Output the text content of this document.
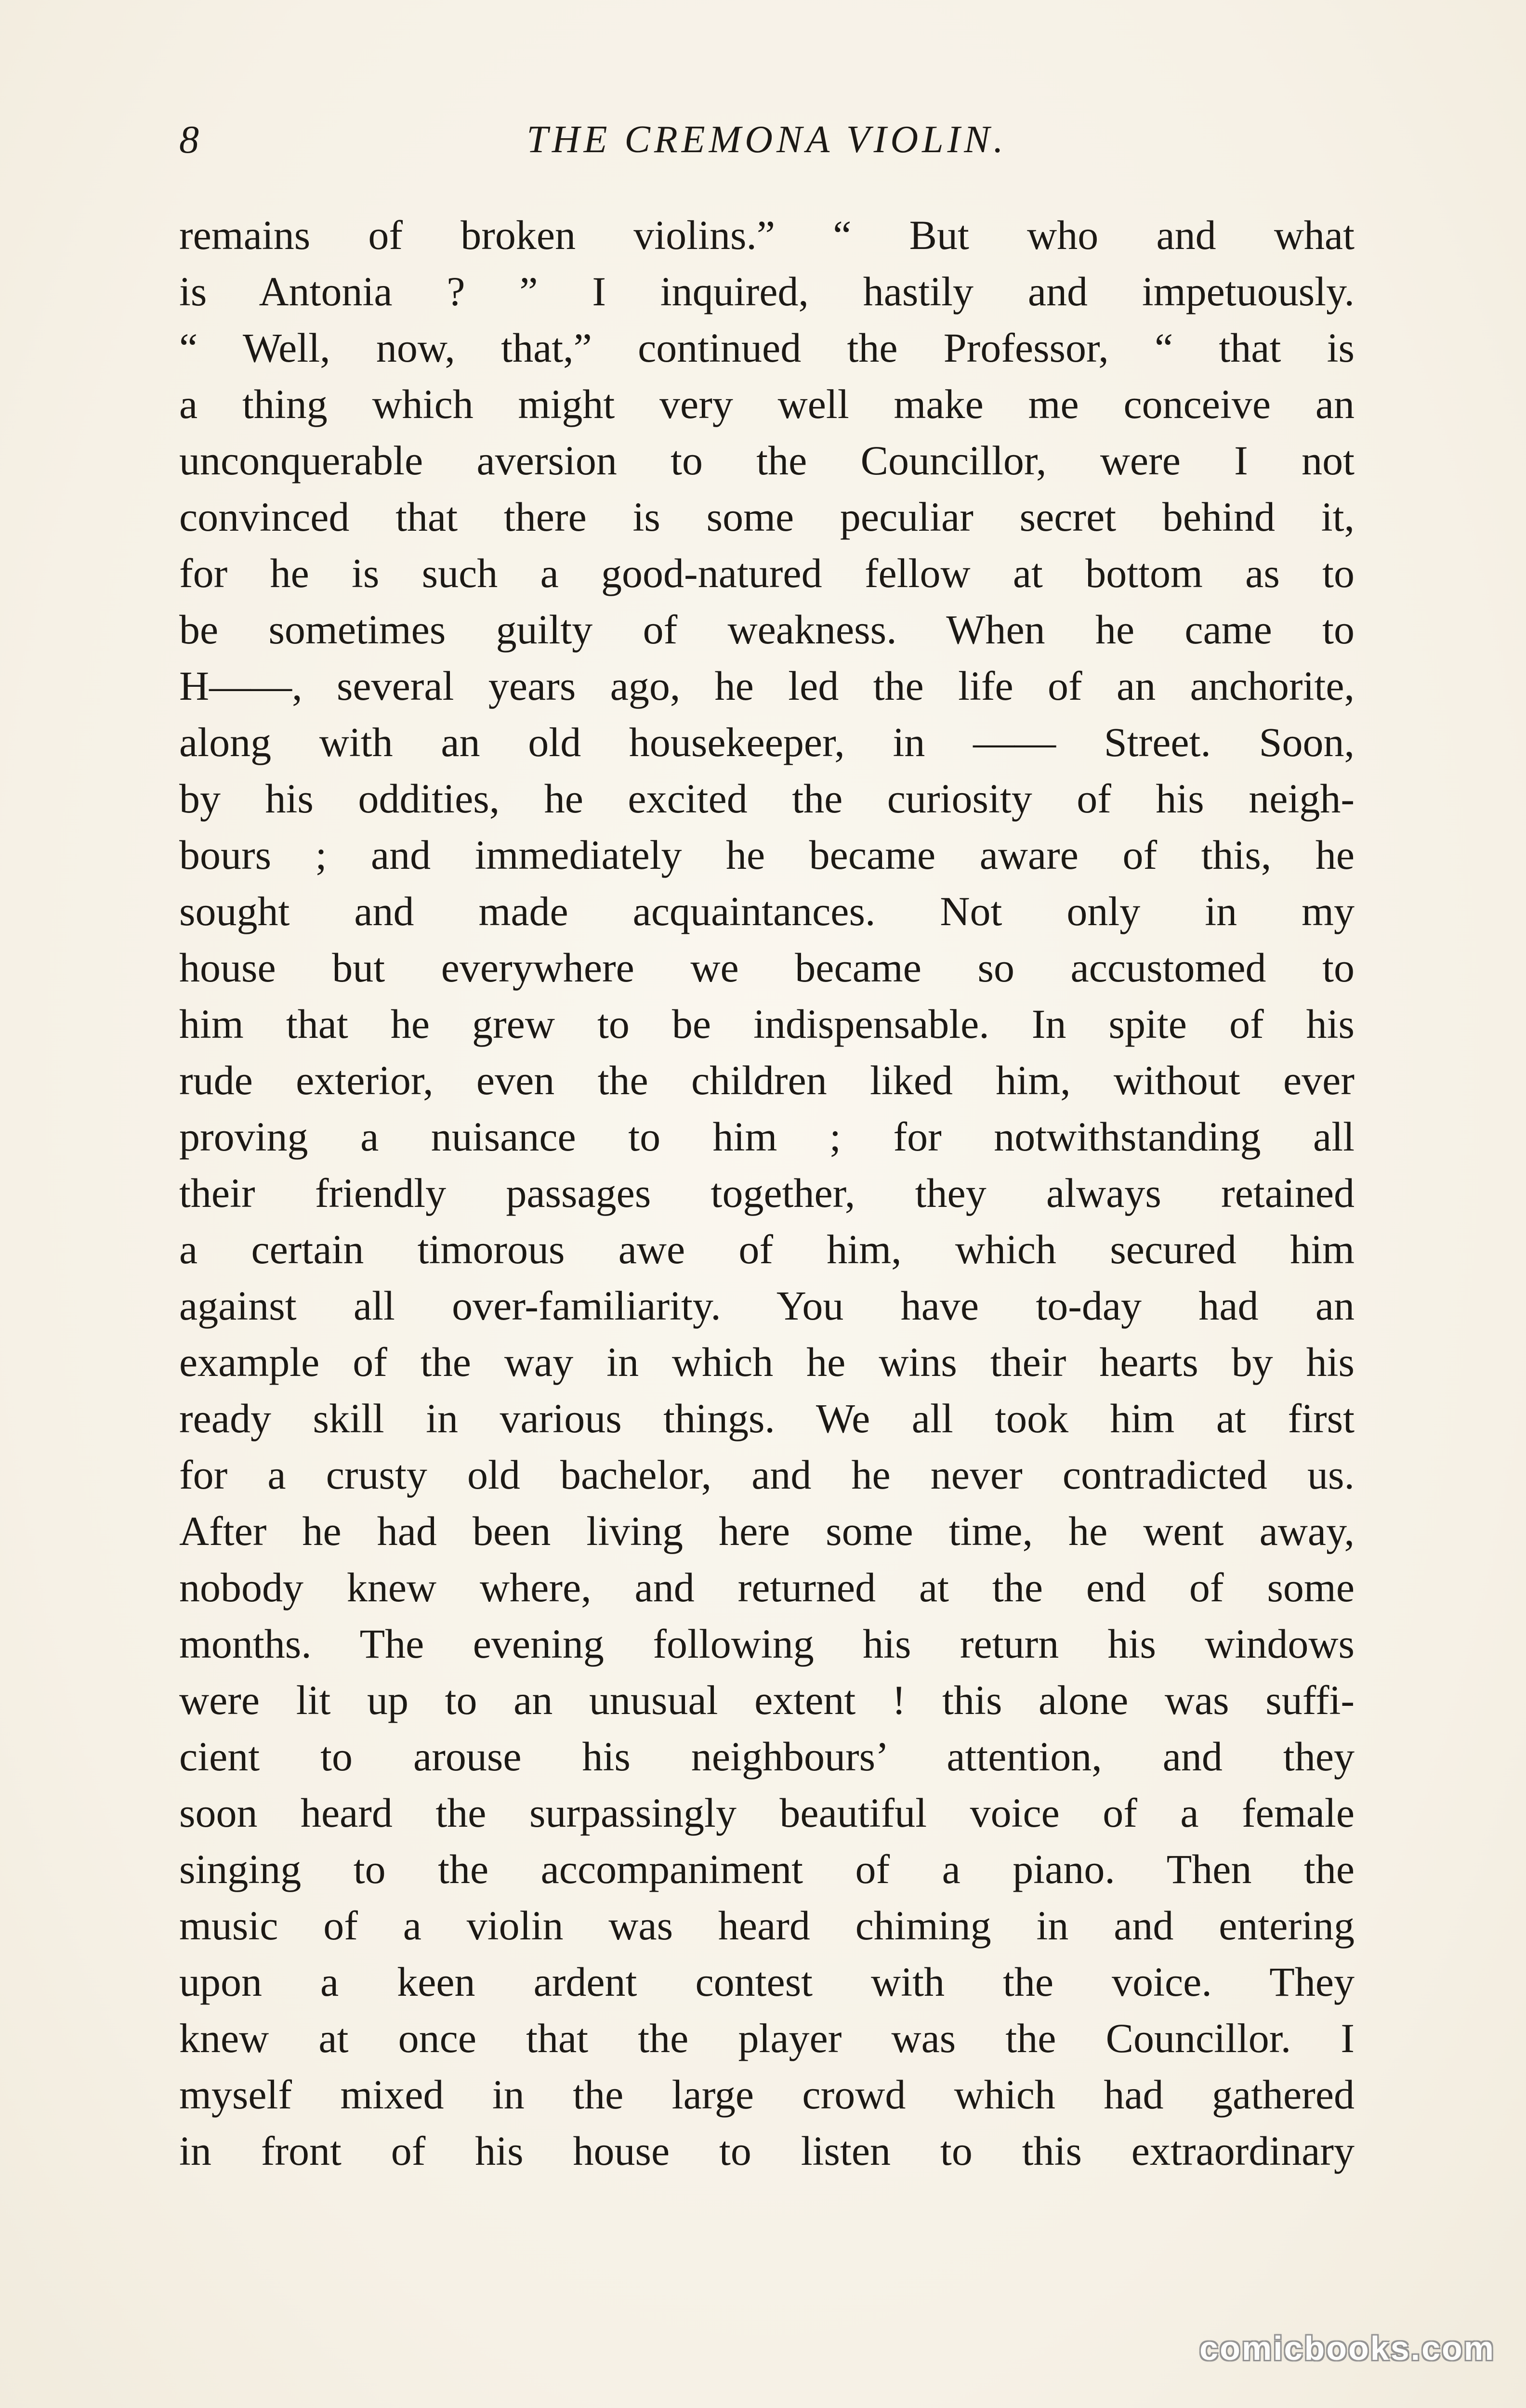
8	THE CREMONA VIOLIN.
remains of broken violins.” “ But who and what
is Antonia ? ” I inquired, hastily and impetuously.
“ Well, now, that,” continued the Professor, “ that is
a thing which might very well make me conceive an
unconquerable aversion to the Councillor, were I not
convinced that there is some peculiar secret behind it,
for he is such a good-natured fellow at bottom as to
be sometimes guilty of weakness. When he came to
H——, several years ago, he led the life of an anchorite,
along with an old housekeeper, in —— Street. Soon,
by his oddities, he excited the curiosity of his neigh-
bours ; and immediately he became aware of this, he
sought and made acquaintances. Not only in my
house but everywhere we became so accustomed to
him that he grew to be indispensable. In spite of his
rude exterior, even the children liked him, without ever
proving a nuisance to him ; for notwithstanding all
their friendly passages together, they always retained
a certain timorous awe of him, which secured him
against all over-familiarity. You have to-day had an
example of the way in which he wins their hearts by his
ready skill in various things. We all took him at first
for a crusty old bachelor, and he never contradicted us.
After he had been living here some time, he went away,
nobody knew where, and returned at the end of some
months. The evening following his return his windows
were lit up to an unusual extent ! this alone was suffi-
cient to arouse his neighbours’ attention, and they
soon heard the surpassingly beautiful voice of a female
singing to the accompaniment of a piano. Then the
music of a violin was heard chiming in and entering
upon a keen ardent contest with the voice. They
knew at once that the player was the Councillor. I
myself mixed in the large crowd which had gathered
in front of his house to listen to this extraordinary
comicbooks.com
